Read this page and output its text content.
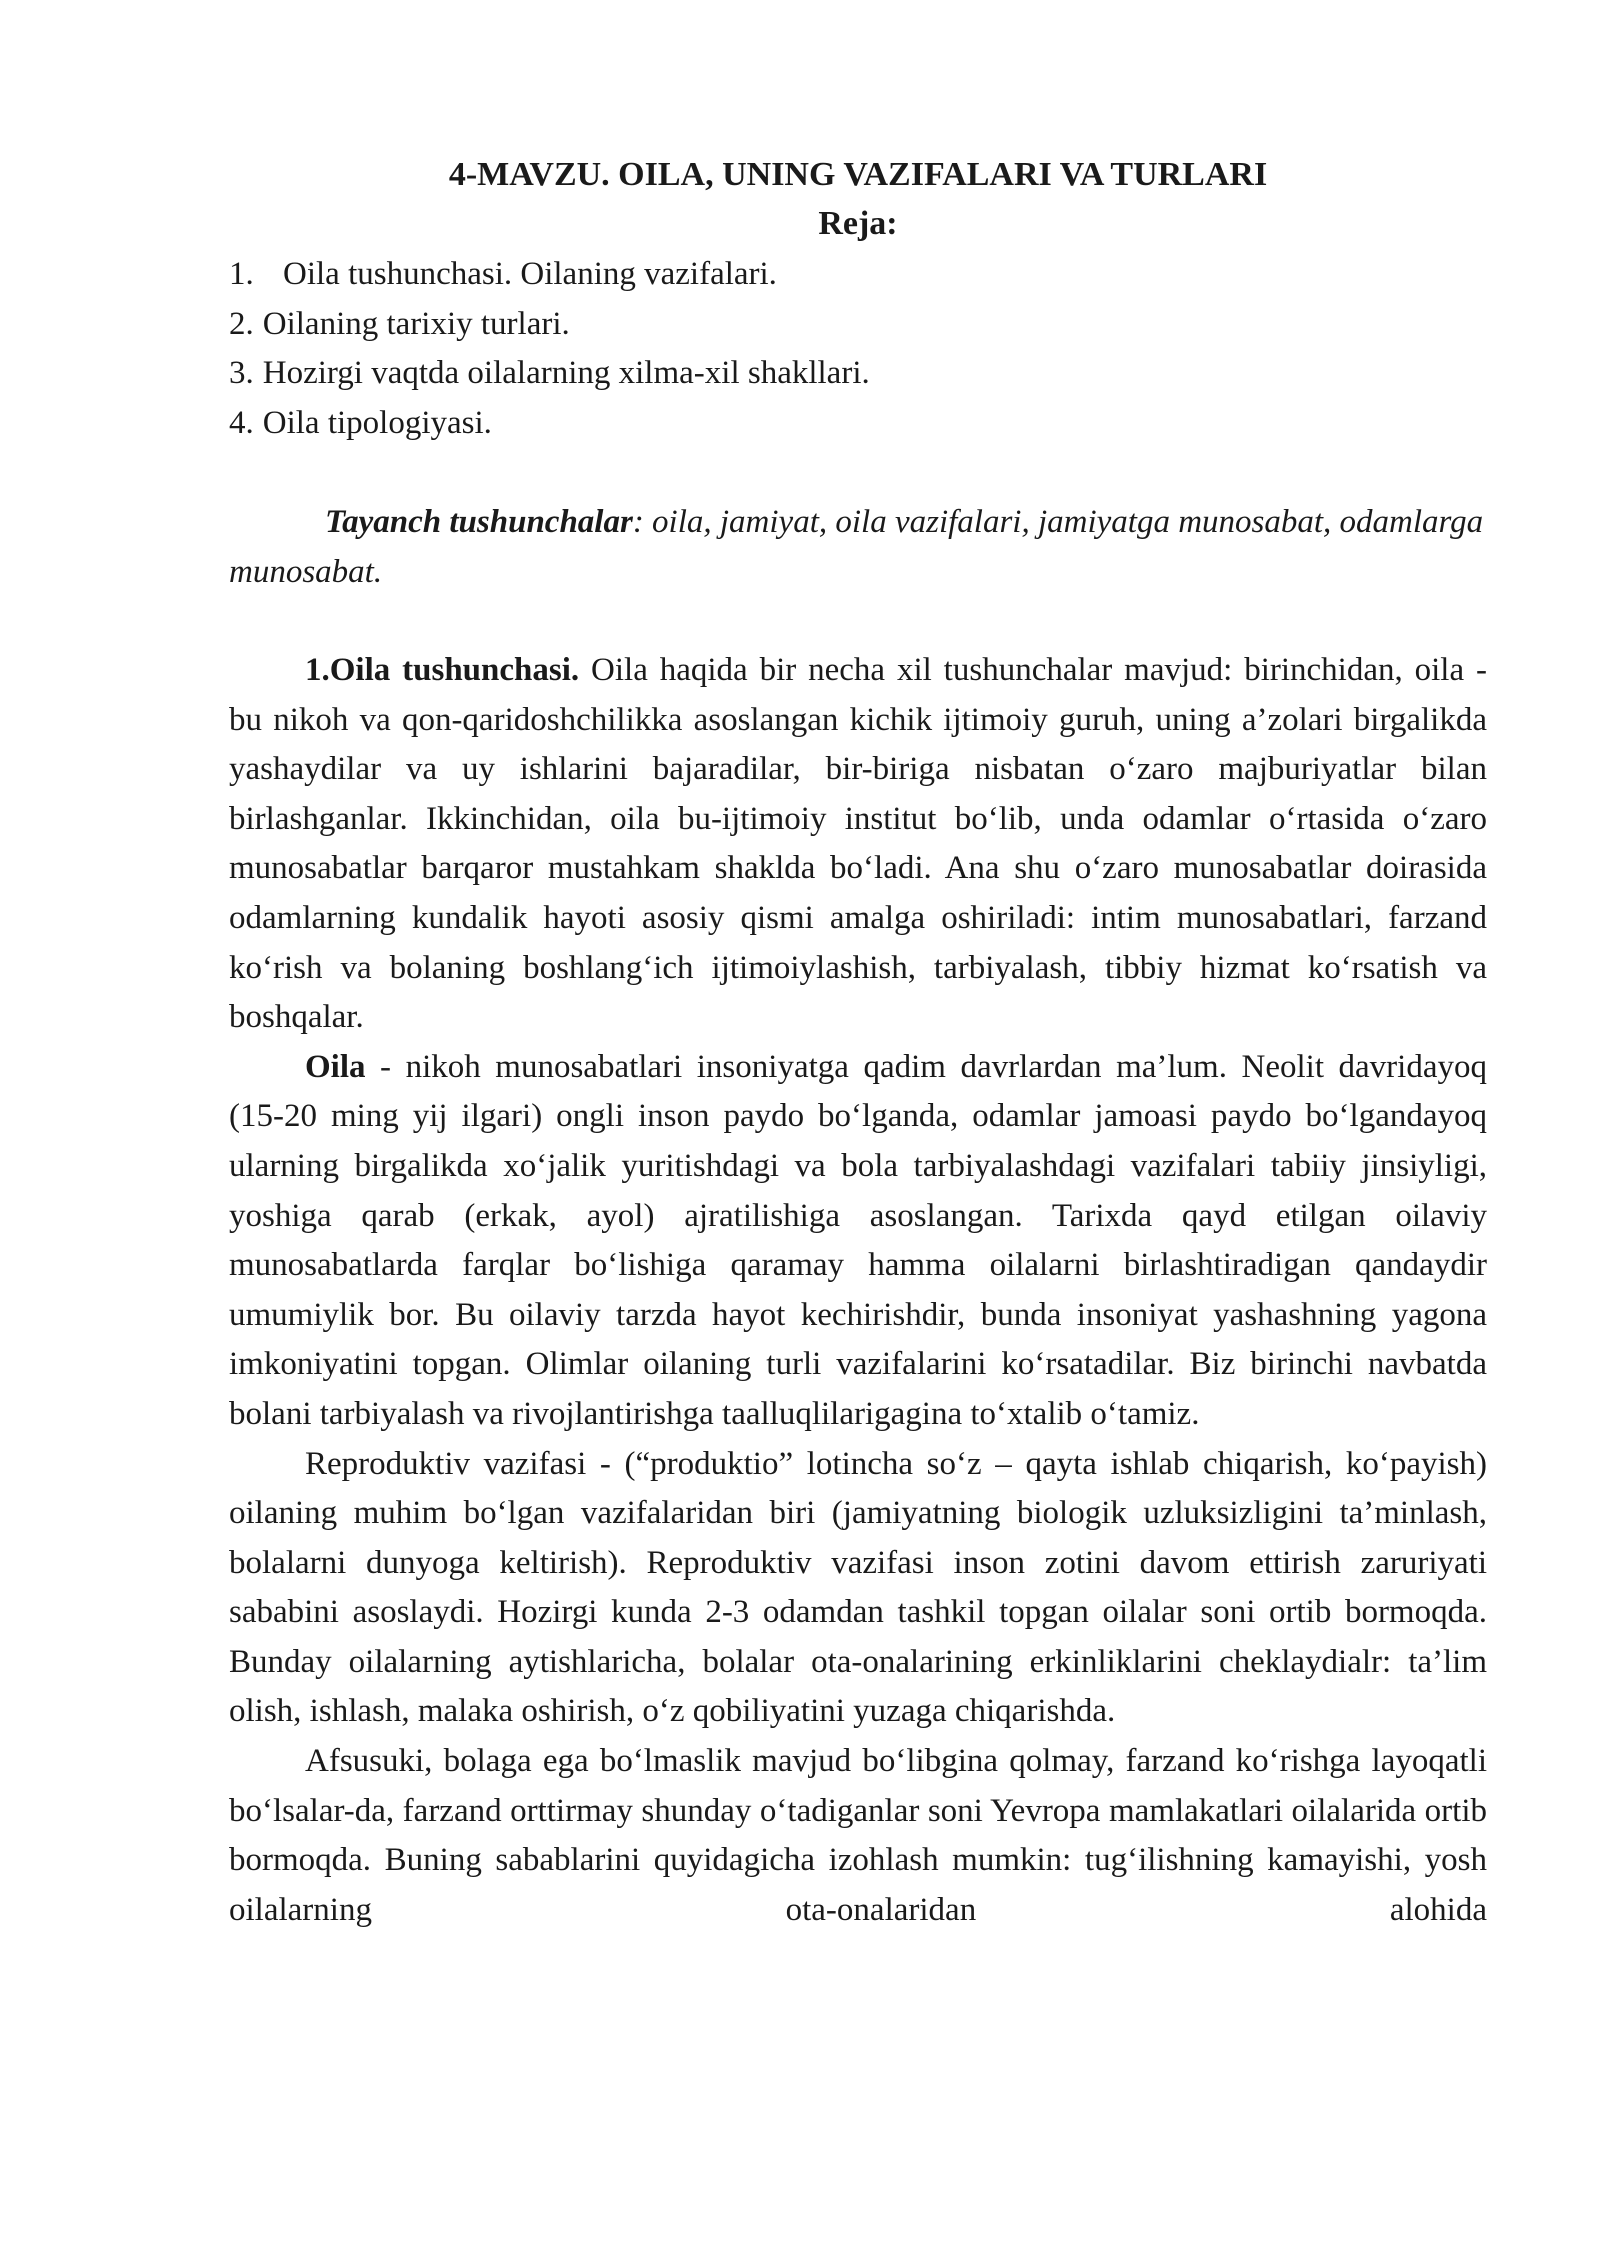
4-MAVZU. OILA, UNING VAZIFALARI VA TURLARI
Reja:
1. Oila tushunchasi. Oilaning vazifalari.
2. Oilaning tarixiy turlari.
3. Hozirgi vaqtda oilalarning xilma-xil shakllari.
4. Oila tipologiyasi.

Tayanch tushunchalar: oila, jamiyat, oila vazifalari, jamiyatga munosabat, odamlarga munosabat.

1.Oila tushunchasi. Oila haqida bir necha xil tushunchalar mavjud: birinchidan, oila - bu nikoh va qon-qaridoshchilikka asoslangan kichik ijtimoiy guruh, uning a’zolari birgalikda yashaydilar va uy ishlarini bajaradilar, bir-biriga nisbatan o‘zaro majburiyatlar bilan birlashganlar. Ikkinchidan, oila bu-ijtimoiy institut bo‘lib, unda odamlar o‘rtasida o‘zaro munosabatlar barqaror mustahkam shaklda bo‘ladi. Ana shu o‘zaro munosabatlar doirasida odamlarning kundalik hayoti asosiy qismi amalga oshiriladi: intim munosabatlari, farzand ko‘rish va bolaning boshlang‘ich ijtimoiylashish, tarbiyalash, tibbiy hizmat ko‘rsatish va boshqalar.

Oila - nikoh munosabatlari insoniyatga qadim davrlardan ma’lum. Neolit davridayoq (15-20 ming yij ilgari) ongli inson paydo bo‘lganda, odamlar jamoasi paydo bo‘lgandayoq ularning birgalikda xo‘jalik yuritishdagi va bola tarbiyalashdagi vazifalari tabiiy jinsiyligi, yoshiga qarab (erkak, ayol) ajratilishiga asoslangan. Tarixda qayd etilgan oilaviy munosabatlarda farqlar bo‘lishiga qaramay hamma oilalarni birlashtiradigan qandaydir umumiylik bor. Bu oilaviy tarzda hayot kechirishdir, bunda insoniyat yashashning yagona imkoniyatini topgan. Olimlar oilaning turli vazifalarini ko‘rsatadilar. Biz birinchi navbatda bolani tarbiyalash va rivojlantirishga taalluqlilarigagina to‘xtalib o‘tamiz.

Reproduktiv vazifasi - (“produktio” lotincha so‘z – qayta ishlab chiqarish, ko‘payish) oilaning muhim bo‘lgan vazifalaridan biri (jamiyatning biologik uzluksizligini ta’minlash, bolalarni dunyoga keltirish). Reproduktiv vazifasi inson zotini davom ettirish zaruriyati sababini asoslaydi. Hozirgi kunda 2-3 odamdan tashkil topgan oilalar soni ortib bormoqda. Bunday oilalarning aytishlaricha, bolalar ota-onalarining erkinliklarini cheklaydialr: ta’lim olish, ishlash, malaka oshirish, o‘z qobiliyatini yuzaga chiqarishda.

Afsusuki, bolaga ega bo‘lmaslik mavjud bo‘libgina qolmay, farzand ko‘rishga layoqatli bo‘lsalar-da, farzand orttirmay shunday o‘tadiganlar soni Yevropa mamlakatlari oilalarida ortib bormoqda. Buning sabablarini quyidagicha izohlash mumkin: tug‘ilishning kamayishi, yosh oilalarning ota-onalaridan alohida
